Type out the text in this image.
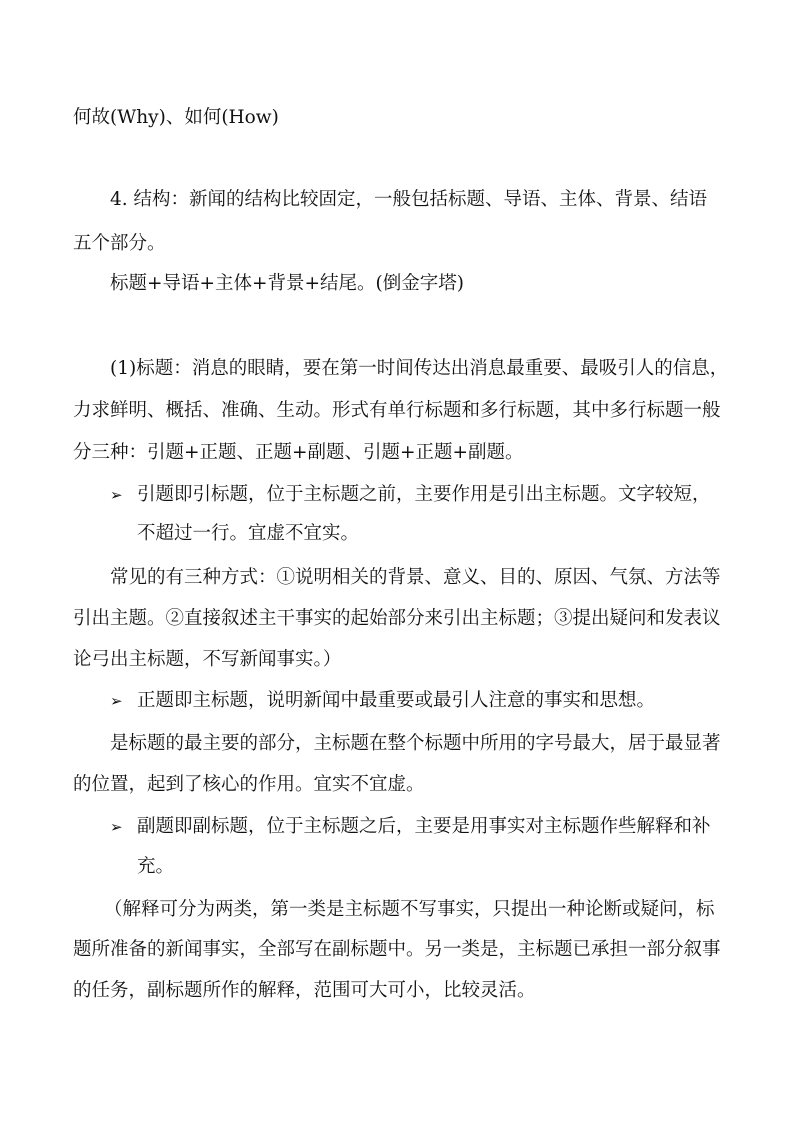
何故(Why)、如何(How)
4. 结构：新闻的结构比较固定，一般包括标题、导语、主体、背景、结语
五个部分。
标题+导语+主体+背景+结尾。(倒金字塔)
(1)标题：消息的眼睛，要在第一时间传达出消息最重要、最吸引人的信息，
力求鲜明、概括、准确、生动。形式有单行标题和多行标题，其中多行标题一般
分三种：引题+正题、正题+副题、引题+正题+副题。
➢ 引题即引标题，位于主标题之前，主要作用是引出主标题。文字较短，
不超过一行。宜虚不宜实。
常见的有三种方式：①说明相关的背景、意义、目的、原因、气氛、方法等
引出主题。②直接叙述主干事实的起始部分来引出主标题；③提出疑问和发表议
论弓出主标题，不写新闻事实。）
➢ 正题即主标题，说明新闻中最重要或最引人注意的事实和思想。
是标题的最主要的部分，主标题在整个标题中所用的字号最大，居于最显著
的位置，起到了核心的作用。宜实不宜虚。
➢ 副题即副标题，位于主标题之后，主要是用事实对主标题作些解释和补
充。
（解释可分为两类，第一类是主标题不写事实，只提出一种论断或疑问，标
题所准备的新闻事实，全部写在副标题中。另一类是，主标题已承担一部分叙事
的任务，副标题所作的解释，范围可大可小，比较灵活。
